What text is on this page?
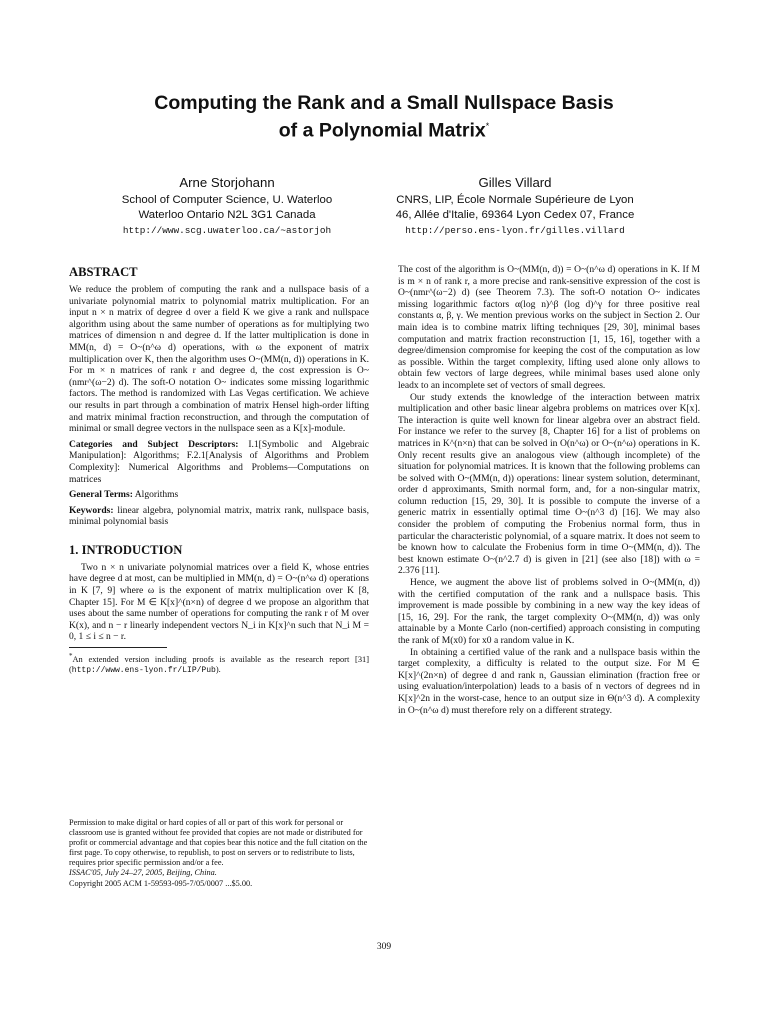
Computing the Rank and a Small Nullspace Basis
of a Polynomial Matrix*
Arne Storjohann
School of Computer Science, U. Waterloo
Waterloo Ontario N2L 3G1 Canada
http://www.scg.uwaterloo.ca/~astorjoh
Gilles Villard
CNRS, LIP, École Normale Supérieure de Lyon
46, Allée d'Italie, 69364 Lyon Cedex 07, France
http://perso.ens-lyon.fr/gilles.villard
ABSTRACT

We reduce the problem of computing the rank and a nullspace basis of a univariate polynomial matrix to polynomial matrix multiplication. For an input n × n matrix of degree d over a field K we give a rank and nullspace algorithm using about the same number of operations as for multiplying two matrices of dimension n and degree d. If the latter multiplication is done in MM(n, d) = O~(n^ω d) operations, with ω the exponent of matrix multiplication over K, then the algorithm uses O~(MM(n, d)) operations in K. For m × n matrices of rank r and degree d, the cost expression is O~(nmr^(ω−2) d). The soft-O notation O~ indicates some missing logarithmic factors. The method is randomized with Las Vegas certification. We achieve our results in part through a combination of matrix Hensel high-order lifting and matrix minimal fraction reconstruction, and through the computation of minimal or small degree vectors in the nullspace seen as a K[x]-module.

Categories and Subject Descriptors: I.1[Symbolic and Algebraic Manipulation]: Algorithms; F.2.1[Analysis of Algorithms and Problem Complexity]: Numerical Algorithms and Problems—Computations on matrices

General Terms: Algorithms

Keywords: linear algebra, polynomial matrix, matrix rank, nullspace basis, minimal polynomial basis

1. INTRODUCTION

Two n × n univariate polynomial matrices over a field K, whose entries have degree d at most, can be multiplied in MM(n, d) = O~(n^ω d) operations in K [7, 9] where ω is the exponent of matrix multiplication over K [8, Chapter 15]. For M ∈ K[x]^(n×n) of degree d we propose an algorithm that uses about the same number of operations for computing the rank r of M over K(x), and n − r linearly independent vectors N_i in K[x]^n such that N_i M = 0, 1 ≤ i ≤ n − r.

*An extended version including proofs is available as the research report [31] (http://www.ens-lyon.fr/LIP/Pub).

Permission to make digital or hard copies of all or part of this work for personal or classroom use is granted without fee provided that copies are not made or distributed for profit or commercial advantage and that copies bear this notice and the full citation on the first page. To copy otherwise, to republish, to post on servers or to redistribute to lists, requires prior specific permission and/or a fee.

ISSAC'05, July 24–27, 2005, Beijing, China.

Copyright 2005 ACM 1-59593-095-7/05/0007 ...$5.00.

The cost of the algorithm is O~(MM(n, d)) = O~(n^ω d) operations in K. If M is m × n of rank r, a more precise and rank-sensitive expression of the cost is O~(nmr^(ω−2) d) (see Theorem 7.3). The soft-O notation O~ indicates missing logarithmic factors α(log n)^β (log d)^γ for three positive real constants α, β, γ. We mention previous works on the subject in Section 2. Our main idea is to combine matrix lifting techniques [29, 30], minimal bases computation and matrix fraction reconstruction [1, 15, 16], together with a degree/dimension compromise for keeping the cost of the computation as low as possible. Within the target complexity, lifting used alone only allows to obtain few vectors of large degrees, while minimal bases used alone only leadx to an incomplete set of vectors of small degrees.

Our study extends the knowledge of the interaction between matrix multiplication and other basic linear algebra problems on matrices over K[x]. The interaction is quite well known for linear algebra over an abstract field. For instance we refer to the survey [8, Chapter 16] for a list of problems on matrices in K^(n×n) that can be solved in O(n^ω) or O~(n^ω) operations in K. Only recent results give an analogous view (although incomplete) of the situation for polynomial matrices. It is known that the following problems can be solved with O~(MM(n, d)) operations: linear system solution, determinant, order d approximants, Smith normal form, and, for a non-singular matrix, column reduction [15, 29, 30]. It is possible to compute the inverse of a generic matrix in essentially optimal time O~(n^3 d) [16]. We may also consider the problem of computing the Frobenius normal form, thus in particular the characteristic polynomial, of a square matrix. It does not seem to be known how to calculate the Frobenius form in time O~(MM(n, d)). The best known estimate O~(n^2.7 d) is given in [21] (see also [18]) with ω = 2.376 [11].

Hence, we augment the above list of problems solved in O~(MM(n, d)) with the certified computation of the rank and a nullspace basis. This improvement is made possible by combining in a new way the key ideas of [15, 16, 29]. For the rank, the target complexity O~(MM(n, d)) was only attainable by a Monte Carlo (non-certified) approach consisting in computing the rank of M(x0) for x0 a random value in K.

In obtaining a certified value of the rank and a nullspace basis within the target complexity, a difficulty is related to the output size. For M ∈ K[x]^(2n×n) of degree d and rank n, Gaussian elimination (fraction free or using evaluation/interpolation) leads to a basis of n vectors of degrees nd in K[x]^2n in the worst-case, hence to an output size in Θ(n^3 d). A complexity in O~(n^ω d) must therefore rely on a different strategy.

309
